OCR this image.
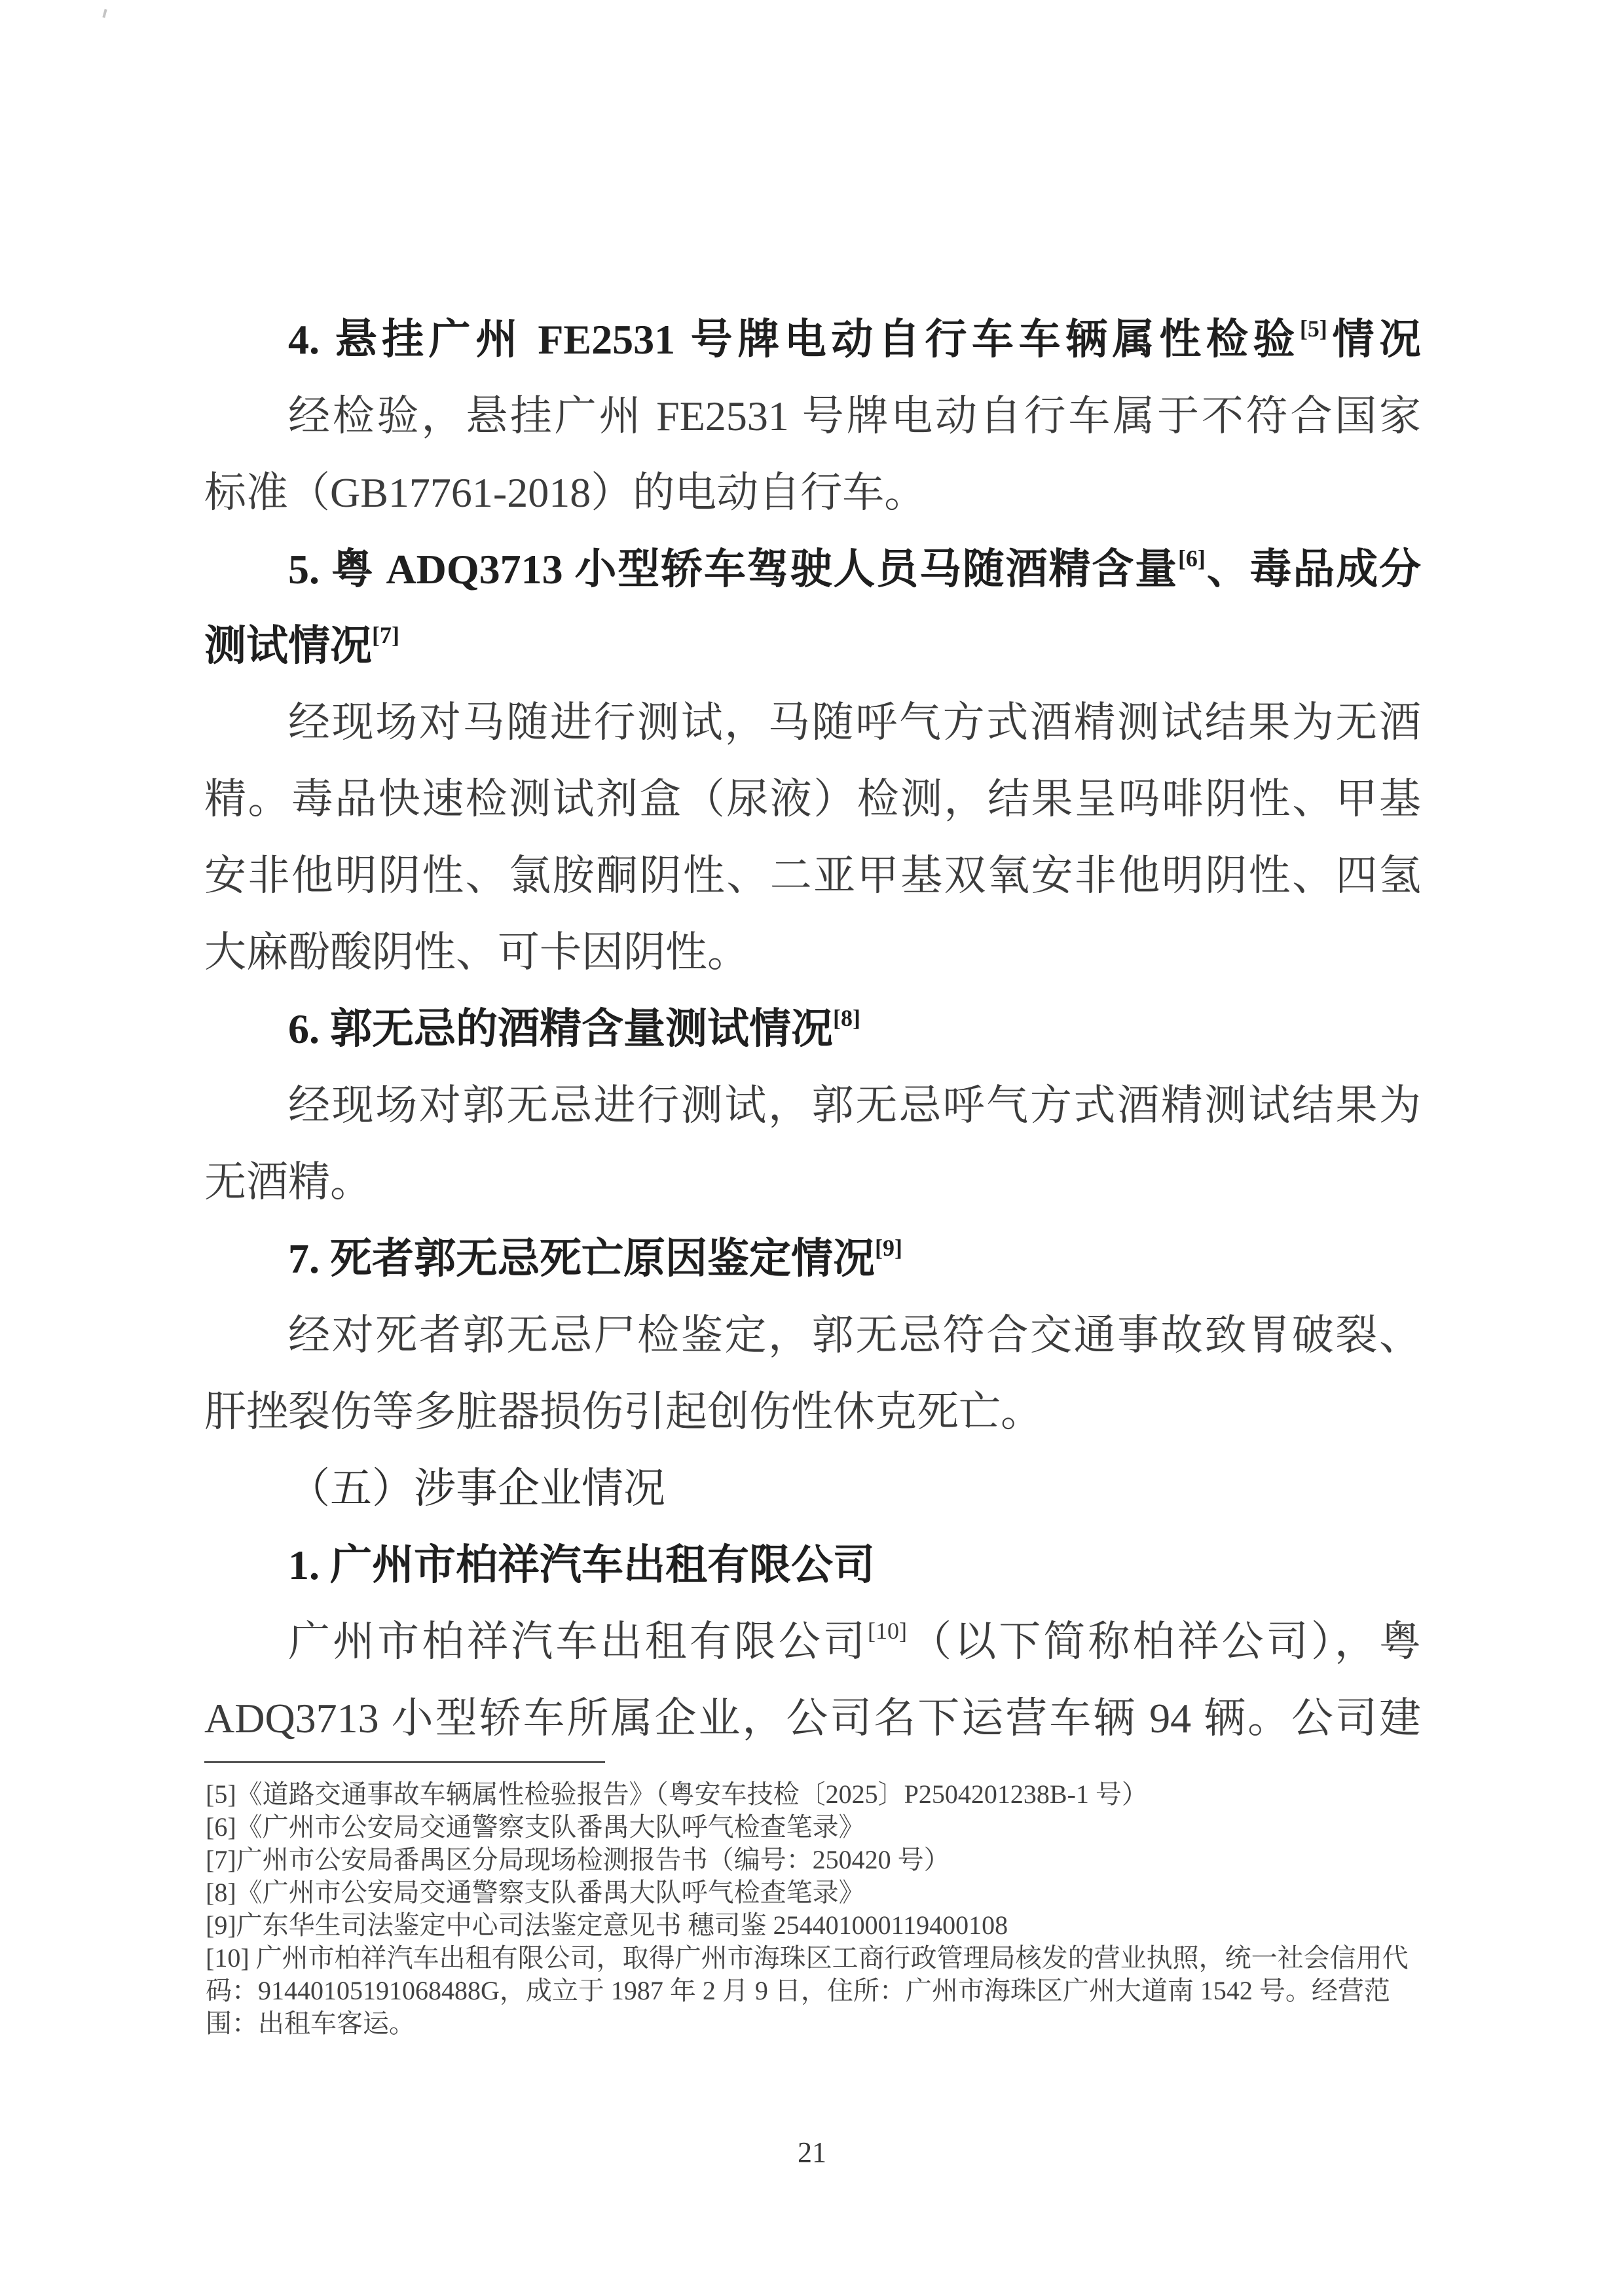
4. 悬挂广州 FE2531 号牌电动自行车车辆属性检验[5]情况
经检验，悬挂广州 FE2531 号牌电动自行车属于不符合国家
标准（GB17761-2018）的电动自行车。
5. 粤 ADQ3713 小型轿车驾驶人员马随酒精含量[6]、毒品成分
测试情况[7]
经现场对马随进行测试，马随呼气方式酒精测试结果为无酒
精。毒品快速检测试剂盒（尿液）检测，结果呈吗啡阴性、甲基
安非他明阴性、氯胺酮阴性、二亚甲基双氧安非他明阴性、四氢
大麻酚酸阴性、可卡因阴性。
6. 郭无忌的酒精含量测试情况[8]
经现场对郭无忌进行测试，郭无忌呼气方式酒精测试结果为
无酒精。
7. 死者郭无忌死亡原因鉴定情况[9]
经对死者郭无忌尸检鉴定，郭无忌符合交通事故致胃破裂、
肝挫裂伤等多脏器损伤引起创伤性休克死亡。
（五）涉事企业情况
1. 广州市柏祥汽车出租有限公司
广州市柏祥汽车出租有限公司[10]（以下简称柏祥公司），粤
ADQ3713 小型轿车所属企业，公司名下运营车辆 94 辆。公司建

[5]《道路交通事故车辆属性检验报告》（粤安车技检〔2025〕P2504201238B-1 号）

[6]《广州市公安局交通警察支队番禺大队呼气检查笔录》

[7]广州市公安局番禺区分局现场检测报告书（编号：250420 号）

[8]《广州市公安局交通警察支队番禺大队呼气检查笔录》

[9]广东华生司法鉴定中心司法鉴定意见书 穗司鉴 254401000119400108

[10] 广州市柏祥汽车出租有限公司，取得广州市海珠区工商行政管理局核发的营业执照，统一社会信用代码：91440105191068488G，成立于 1987 年 2 月 9 日，住所：广州市海珠区广州大道南 1542 号。经营范围：出租车客运。

21
